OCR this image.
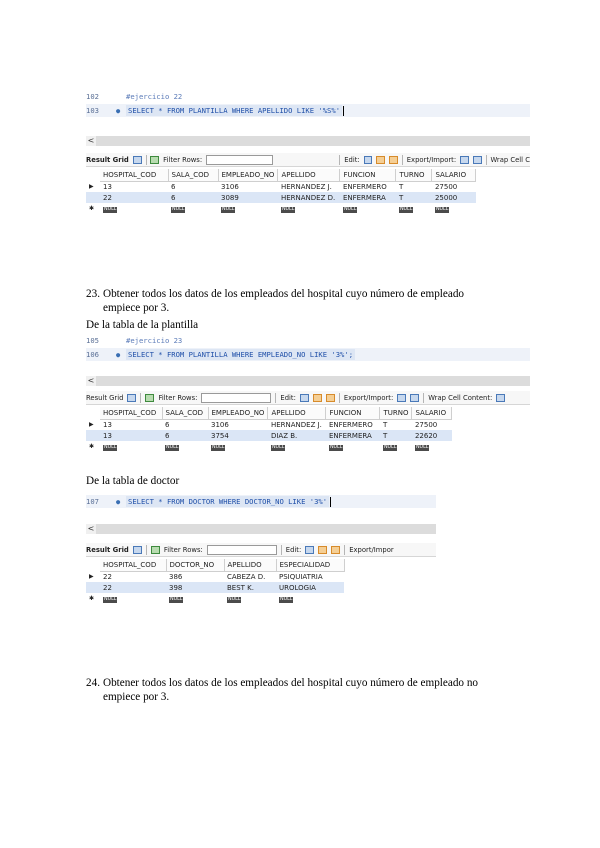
102	#ejercicio 22
103	●	SELECT * FROM PLANTILLA WHERE APELLIDO LIKE '%S%'
<
Result Grid	Filter Rows:	Edit:	Export/Import:	Wrap Cell C
	HOSPITAL_COD	SALA_COD	EMPLEADO_NO	APELLIDO	FUNCION	TURNO	SALARIO
▶	13	6	3106	HERNANDEZ J.	ENFERMERO	T	27500
	22	6	3089	HERNANDEZ D.	ENFERMERA	T	25000
✱	NULL	NULL	NULL	NULL	NULL	NULL	NULL
23. Obtener todos los datos de los empleados del hospital cuyo número de empleado
empiece por 3.
De la tabla de la plantilla
105	#ejercicio 23
106	●	SELECT * FROM PLANTILLA WHERE EMPLEADO_NO LIKE '3%';
<
Result Grid	Filter Rows:	Edit:	Export/Import:	Wrap Cell Content:
	HOSPITAL_COD	SALA_COD	EMPLEADO_NO	APELLIDO	FUNCION	TURNO	SALARIO
▶	13	6	3106	HERNANDEZ J.	ENFERMERO	T	27500
	13	6	3754	DIAZ B.	ENFERMERA	T	22620
✱	NULL	NULL	NULL	NULL	NULL	NULL	NULL
De la tabla de doctor
107	●	SELECT * FROM DOCTOR WHERE DOCTOR_NO LIKE '3%'
<
Result Grid	Filter Rows:	Edit:	Export/Impor
	HOSPITAL_COD	DOCTOR_NO	APELLIDO	ESPECIALIDAD
▶	22	386	CABEZA D.	PSIQUIATRIA
	22	398	BEST K.	UROLOGIA
✱	NULL	NULL	NULL	NULL
24. Obtener todos los datos de los empleados del hospital cuyo número de empleado no
empiece por 3.
